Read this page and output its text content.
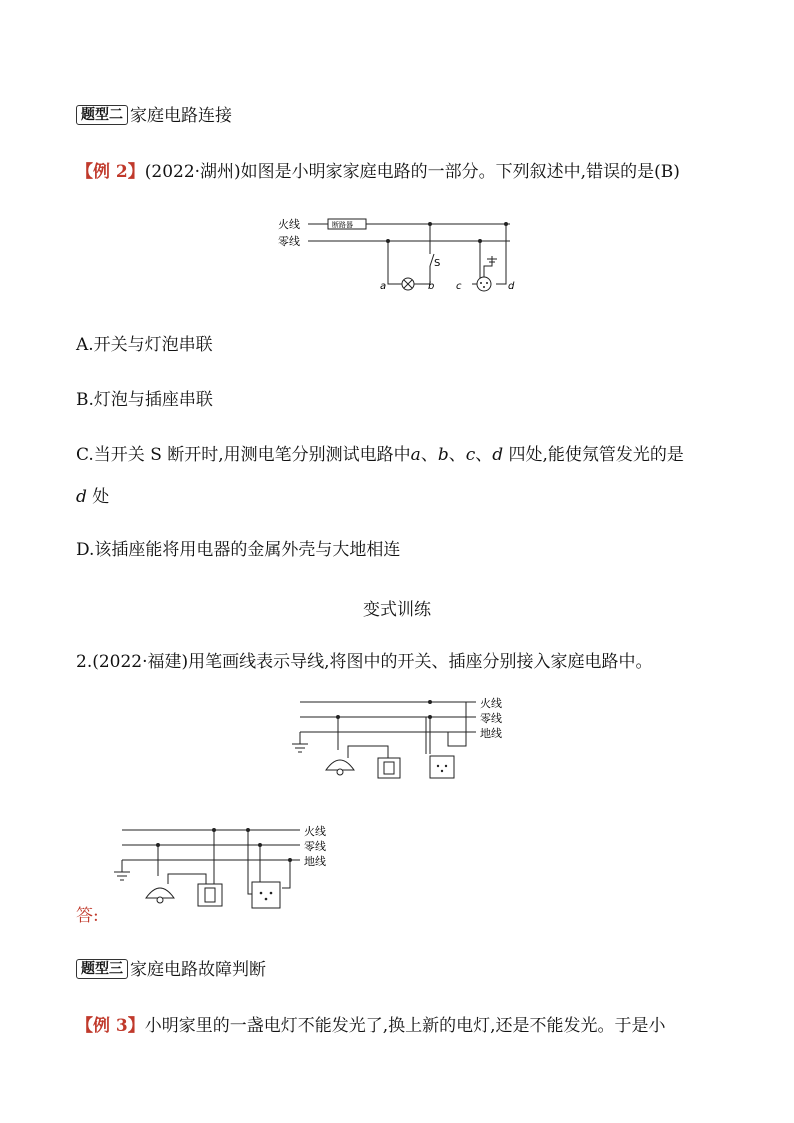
题型二 家庭电路连接
【例 2】(2022·湖州)如图是小明家家庭电路的一部分。下列叙述中,错误的是(B)
火线
零线
断路器
S
a	b c	d
A.开关与灯泡串联
B.灯泡与插座串联
C.当开关 S 断开时,用测电笔分别测试电路中a、b、c、d 四处,能使氖管发光的是
d 处
D.该插座能将用电器的金属外壳与大地相连
变式训练
2.(2022·福建)用笔画线表示导线,将图中的开关、插座分别接入家庭电路中。
火线
零线
地线
火线
零线
地线
答:
题型三 家庭电路故障判断
【例 3】小明家里的一盏电灯不能发光了,换上新的电灯,还是不能发光。于是小
